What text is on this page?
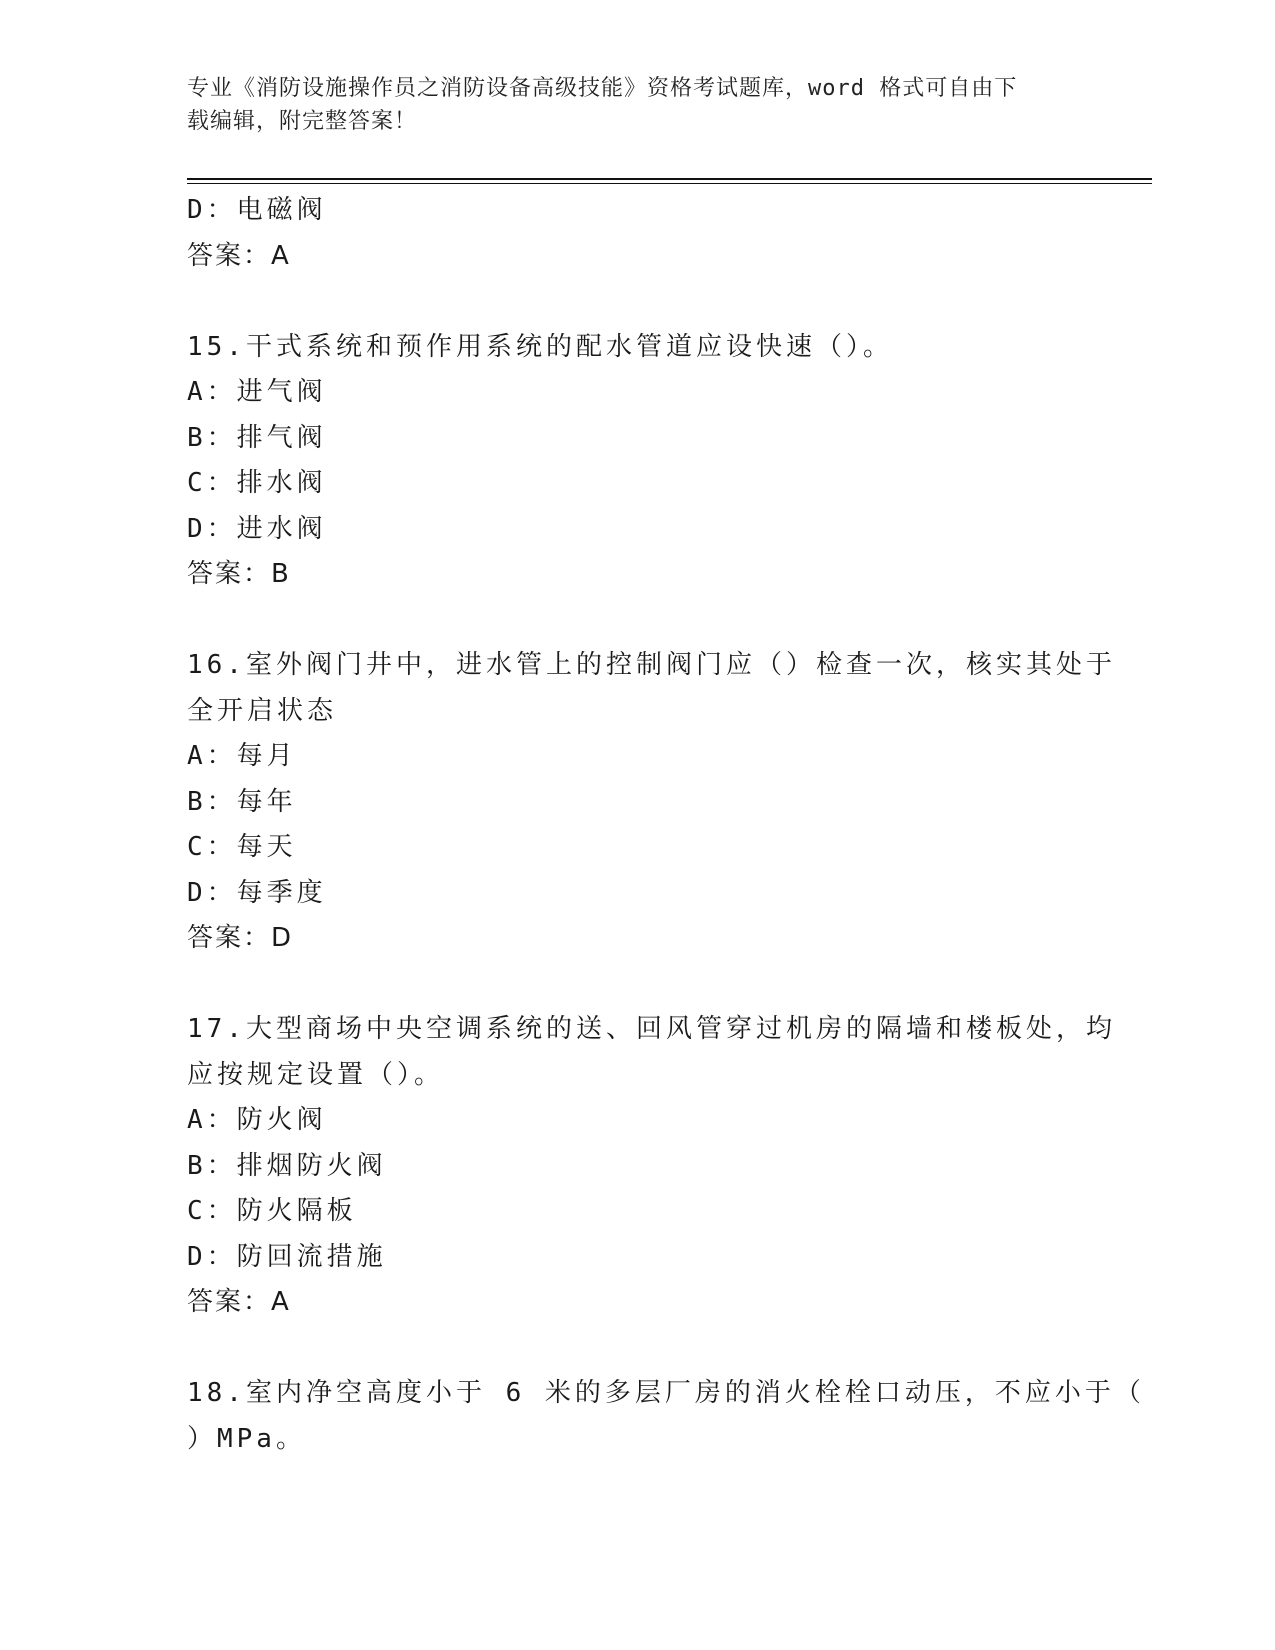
专业《消防设施操作员之消防设备高级技能》资格考试题库，word 格式可自由下
载编辑，附完整答案！
D：电磁阀
答案：A
15.干式系统和预作用系统的配水管道应设快速（）。
A：进气阀
B：排气阀
C：排水阀
D：进水阀
答案：B
16.室外阀门井中，进水管上的控制阀门应（）检查一次，核实其处于
全开启状态
A：每月
B：每年
C：每天
D：每季度
答案：D
17.大型商场中央空调系统的送、回风管穿过机房的隔墙和楼板处，均
应按规定设置（）。
A：防火阀
B：排烟防火阀
C：防火隔板
D：防回流措施
答案：A
18.室内净空高度小于 6 米的多层厂房的消火栓栓口动压，不应小于（
）MPa。
